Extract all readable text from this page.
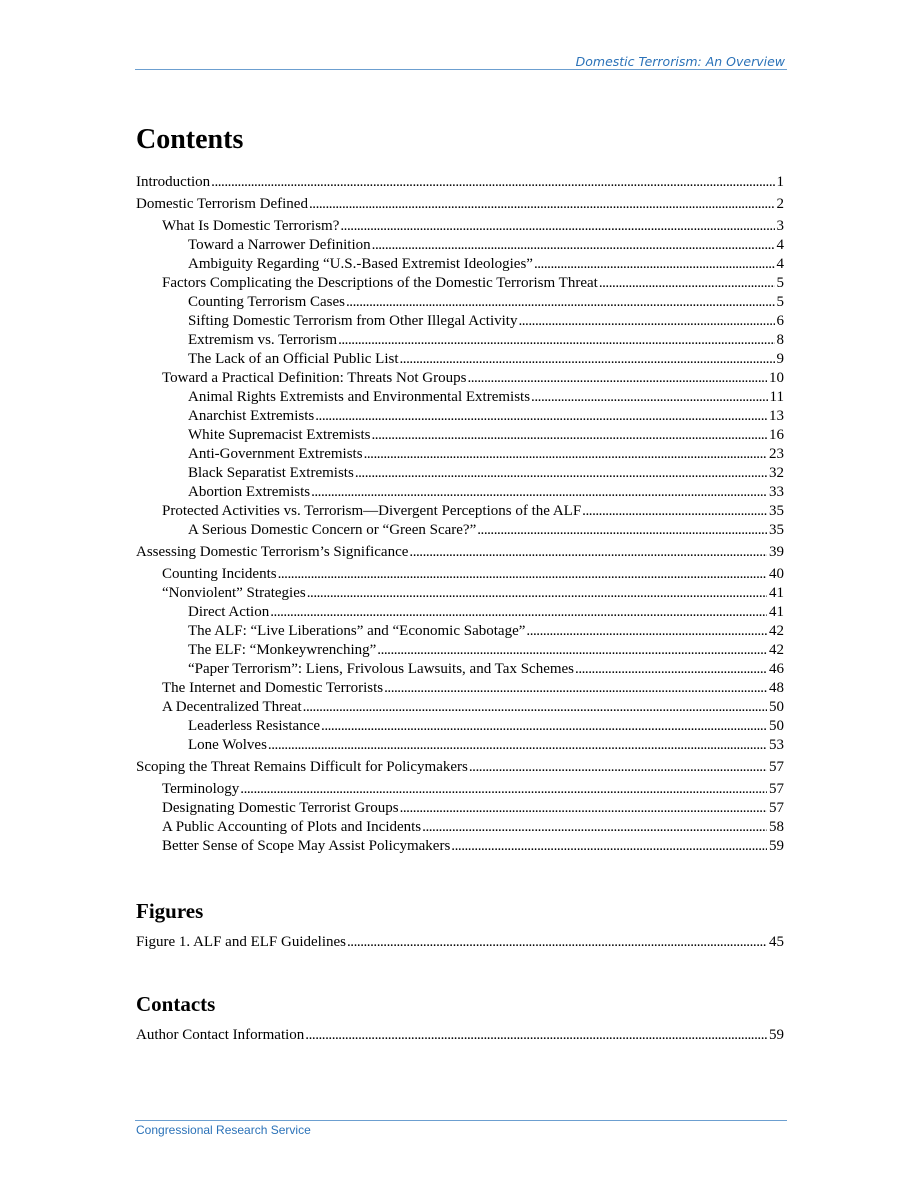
Domestic Terrorism: An Overview
Contents
Introduction . . .	1
Domestic Terrorism Defined . . .	2
What Is Domestic Terrorism? . . .	3
Toward a Narrower Definition . . .	4
Ambiguity Regarding “U.S.-Based Extremist Ideologies” . . .	4
Factors Complicating the Descriptions of the Domestic Terrorism Threat . . .	5
Counting Terrorism Cases . . .	5
Sifting Domestic Terrorism from Other Illegal Activity . . .	6
Extremism vs. Terrorism . . .	8
The Lack of an Official Public List . . .	9
Toward a Practical Definition: Threats Not Groups . . .	10
Animal Rights Extremists and Environmental Extremists . . .	11
Anarchist Extremists . . .	13
White Supremacist Extremists . . .	16
Anti-Government Extremists . . .	23
Black Separatist Extremists . . .	32
Abortion Extremists . . .	33
Protected Activities vs. Terrorism—Divergent Perceptions of the ALF . . .	35
A Serious Domestic Concern or “Green Scare?” . . .	35
Assessing Domestic Terrorism’s Significance . . .	39
Counting Incidents . . .	40
“Nonviolent” Strategies . . .	41
Direct Action . . .	41
The ALF: “Live Liberations” and “Economic Sabotage” . . .	42
The ELF: “Monkeywrenching” . . .	42
“Paper Terrorism”: Liens, Frivolous Lawsuits, and Tax Schemes . . .	46
The Internet and Domestic Terrorists . . .	48
A Decentralized Threat . . .	50
Leaderless Resistance . . .	50
Lone Wolves . . .	53
Scoping the Threat Remains Difficult for Policymakers . . .	57
Terminology . . .	57
Designating Domestic Terrorist Groups . . .	57
A Public Accounting of Plots and Incidents . . .	58
Better Sense of Scope May Assist Policymakers . . .	59
Figures
Figure 1. ALF and ELF Guidelines . . .	45
Contacts
Author Contact Information . . .	59
Congressional Research Service
